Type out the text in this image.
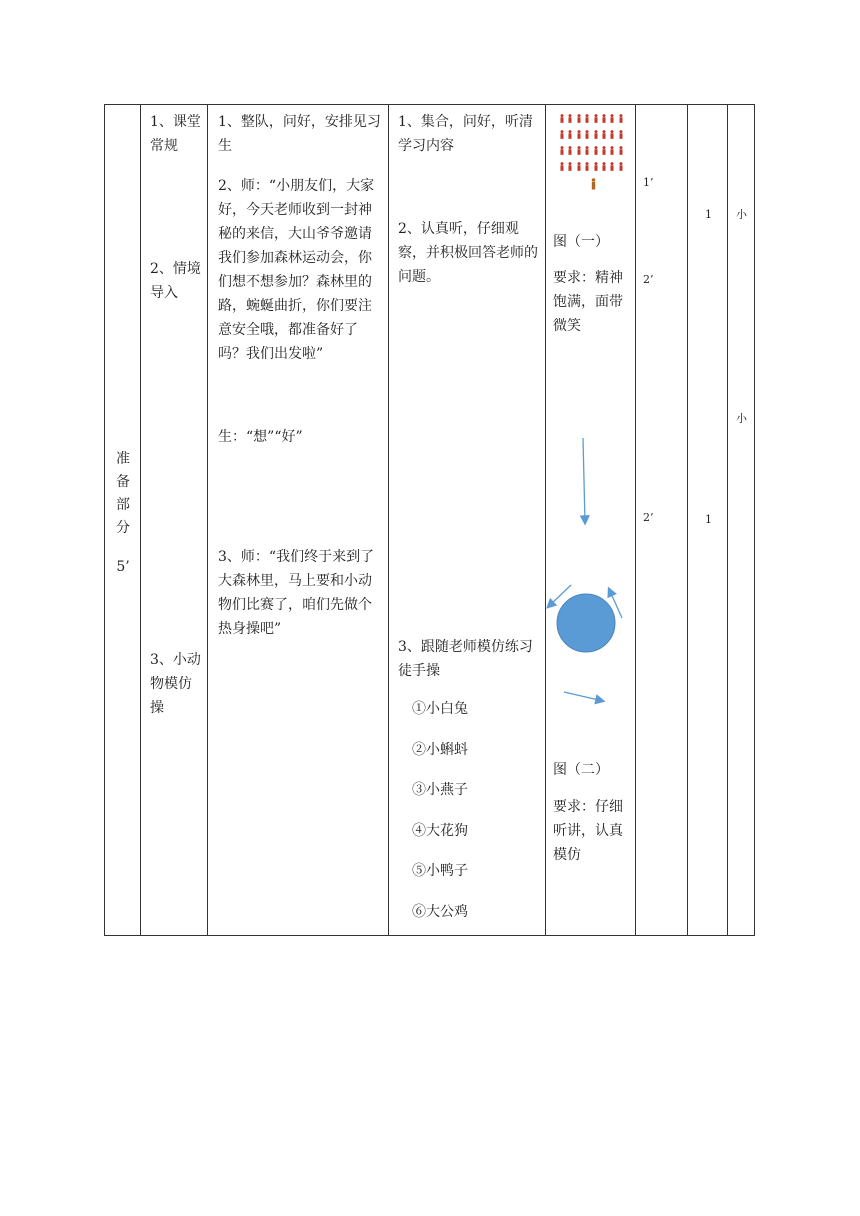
准
备
部
分
5’
1、课堂常规
2、情境导入
3、小动物模仿操
1、整队，问好，安排见习生
2、师：“小朋友们，大家好，今天老师收到一封神秘的来信，大山爷爷邀请我们参加森林运动会，你们想不想参加？森林里的路，蜿蜒曲折，你们要注意安全哦，都准备好了吗？我们出发啦”
生：“想”“好”
3、师：“我们终于来到了大森林里，马上要和小动物们比赛了，咱们先做个热身操吧”
1、集合，问好，听清学习内容
2、认真听，仔细观察，并积极回答老师的问题。
3、跟随老师模仿练习徒手操
①小白兔
②小蝌蚪
③小燕子
④大花狗
⑤小鸭子
⑥大公鸡
图（一）
要求：精神饱满，面带微笑
图（二）
要求：仔细听讲，认真模仿
1’
2’
2’
1
1
小
小
